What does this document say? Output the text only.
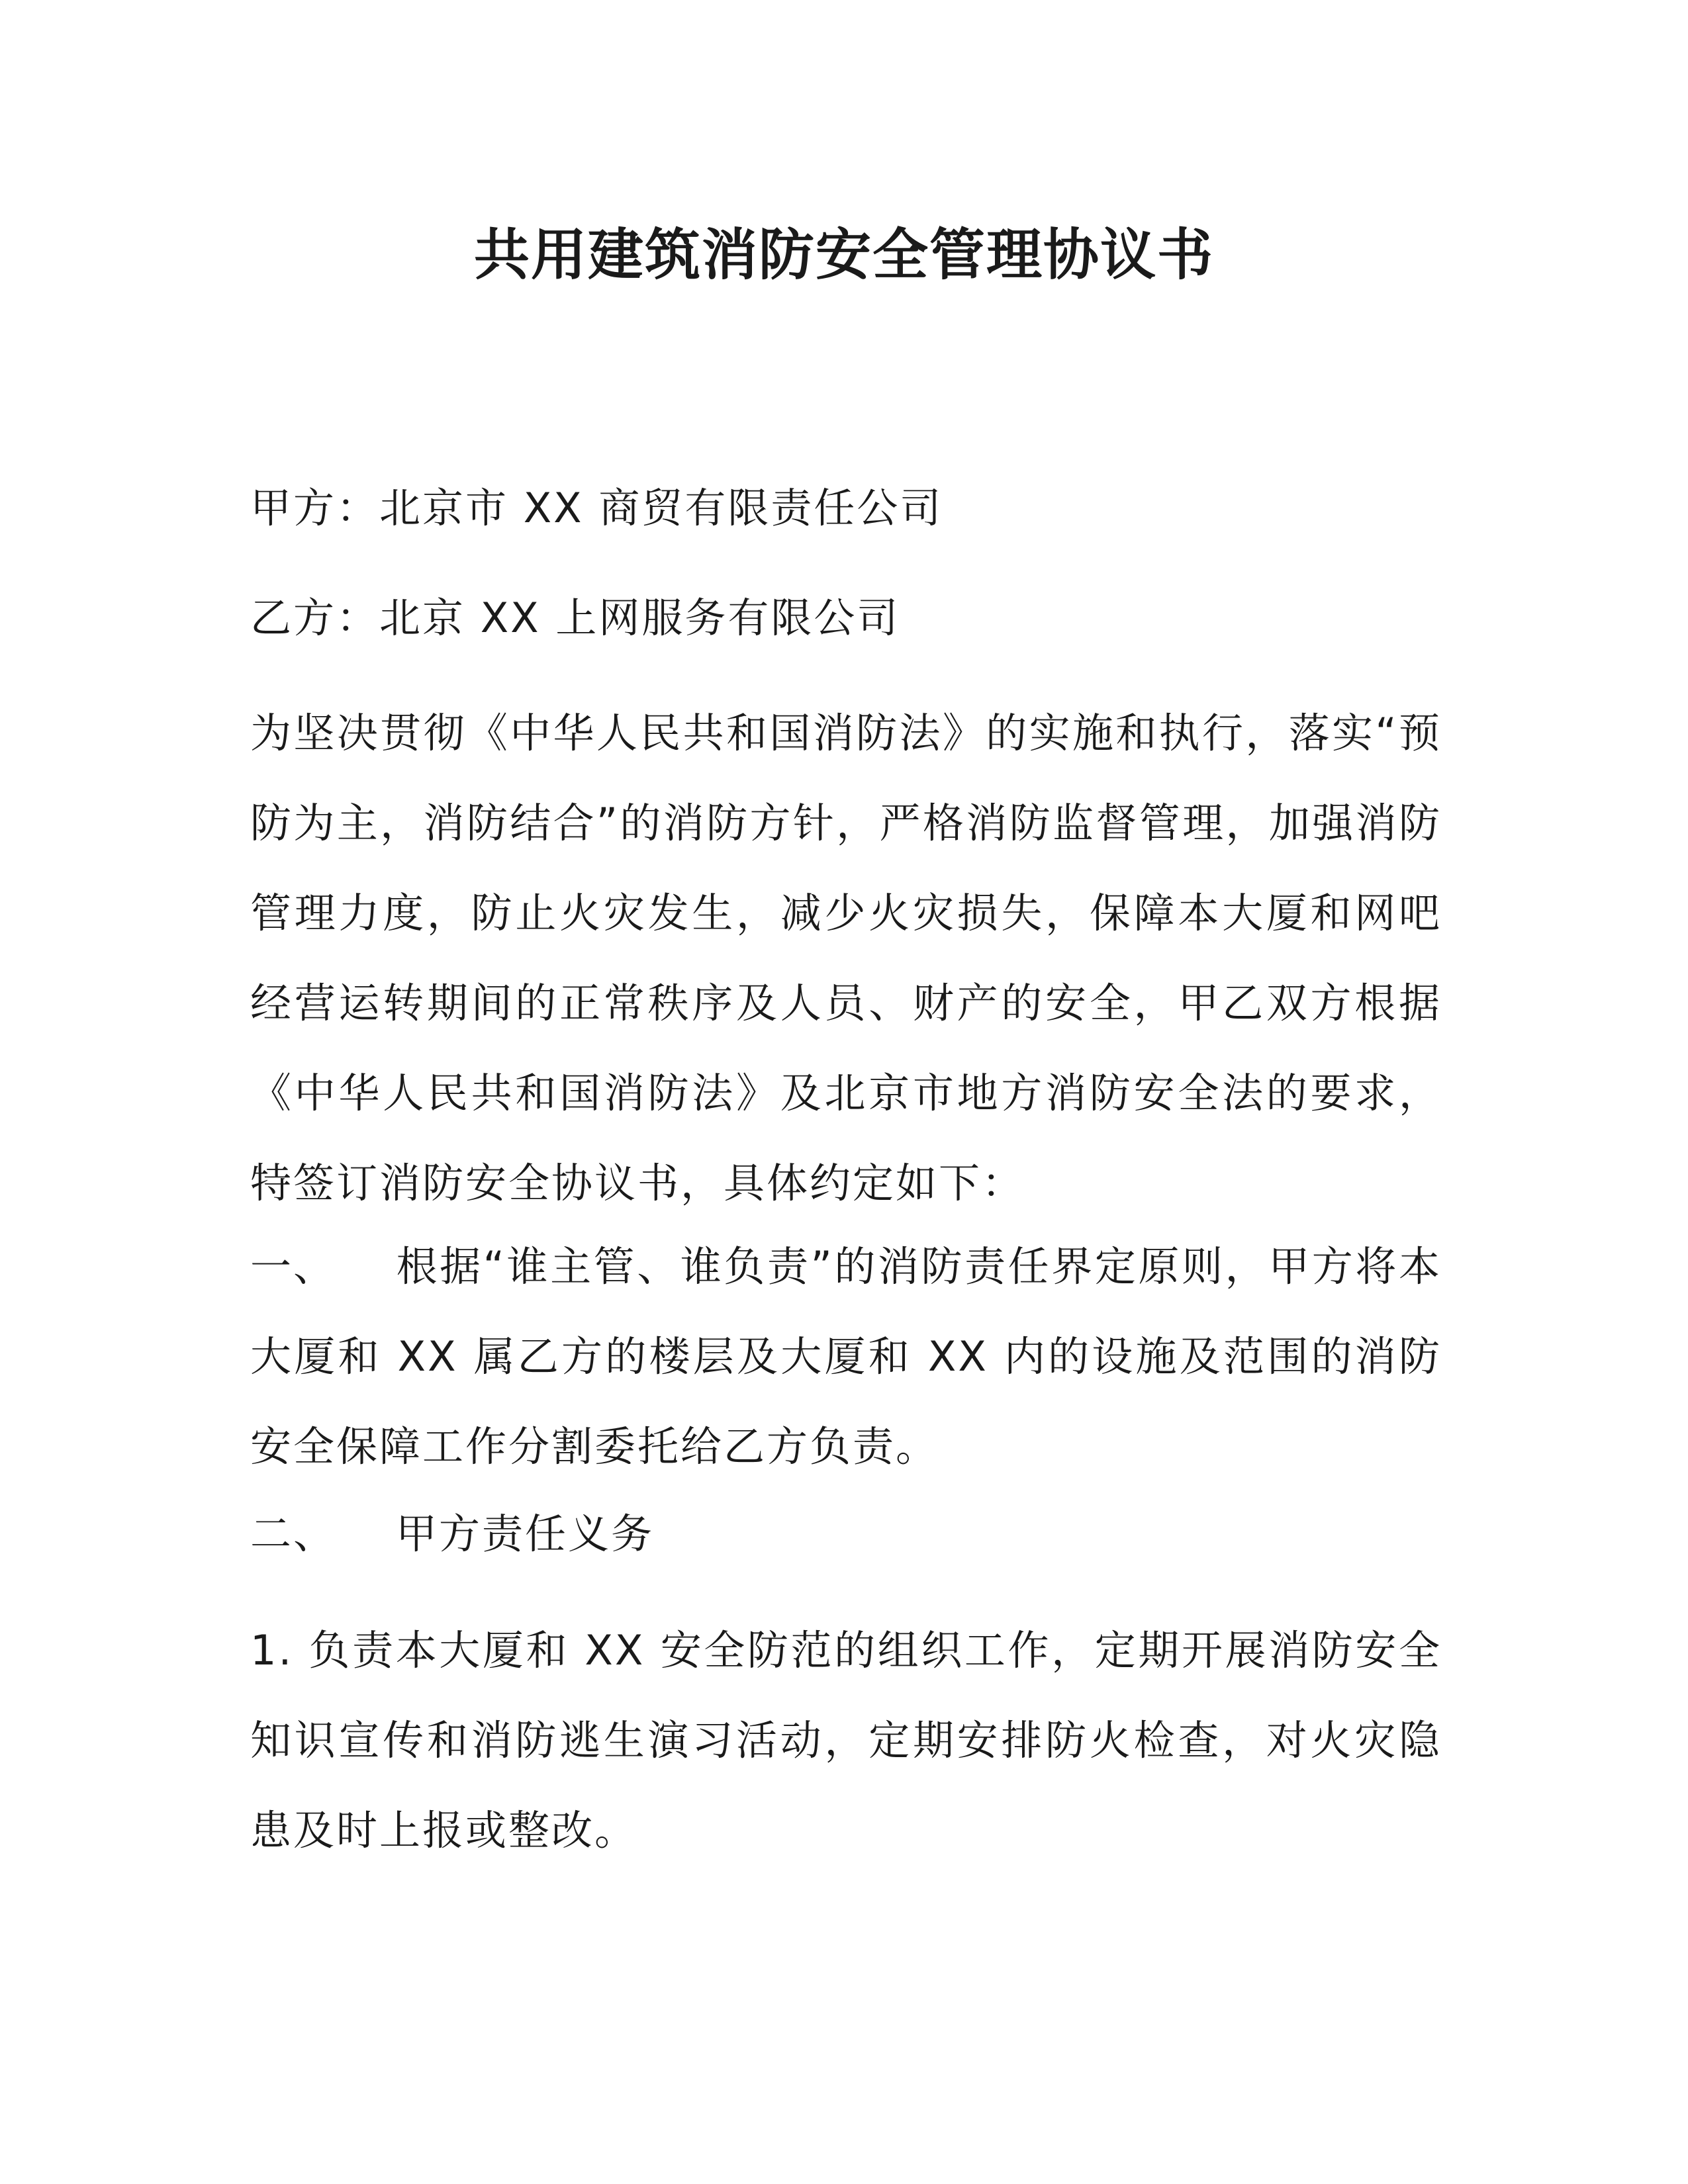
共用建筑消防安全管理协议书

甲方：北京市 XX 商贸有限责任公司

乙方：北京 XX 上网服务有限公司

为坚决贯彻《中华人民共和国消防法》的实施和执行，落实“预防为主，消防结合”的消防方针，严格消防监督管理，加强消防管理力度，防止火灾发生，减少火灾损失，保障本大厦和网吧经营运转期间的正常秩序及人员、财产的安全，甲乙双方根据《中华人民共和国消防法》及北京市地方消防安全法的要求，特签订消防安全协议书，具体约定如下：

一、 根据“谁主管、谁负责”的消防责任界定原则，甲方将本大厦和 XX 属乙方的楼层及大厦和 XX 内的设施及范围的消防安全保障工作分割委托给乙方负责。

二、 甲方责任义务

1. 负责本大厦和 XX 安全防范的组织工作，定期开展消防安全知识宣传和消防逃生演习活动，定期安排防火检查，对火灾隐患及时上报或整改。
